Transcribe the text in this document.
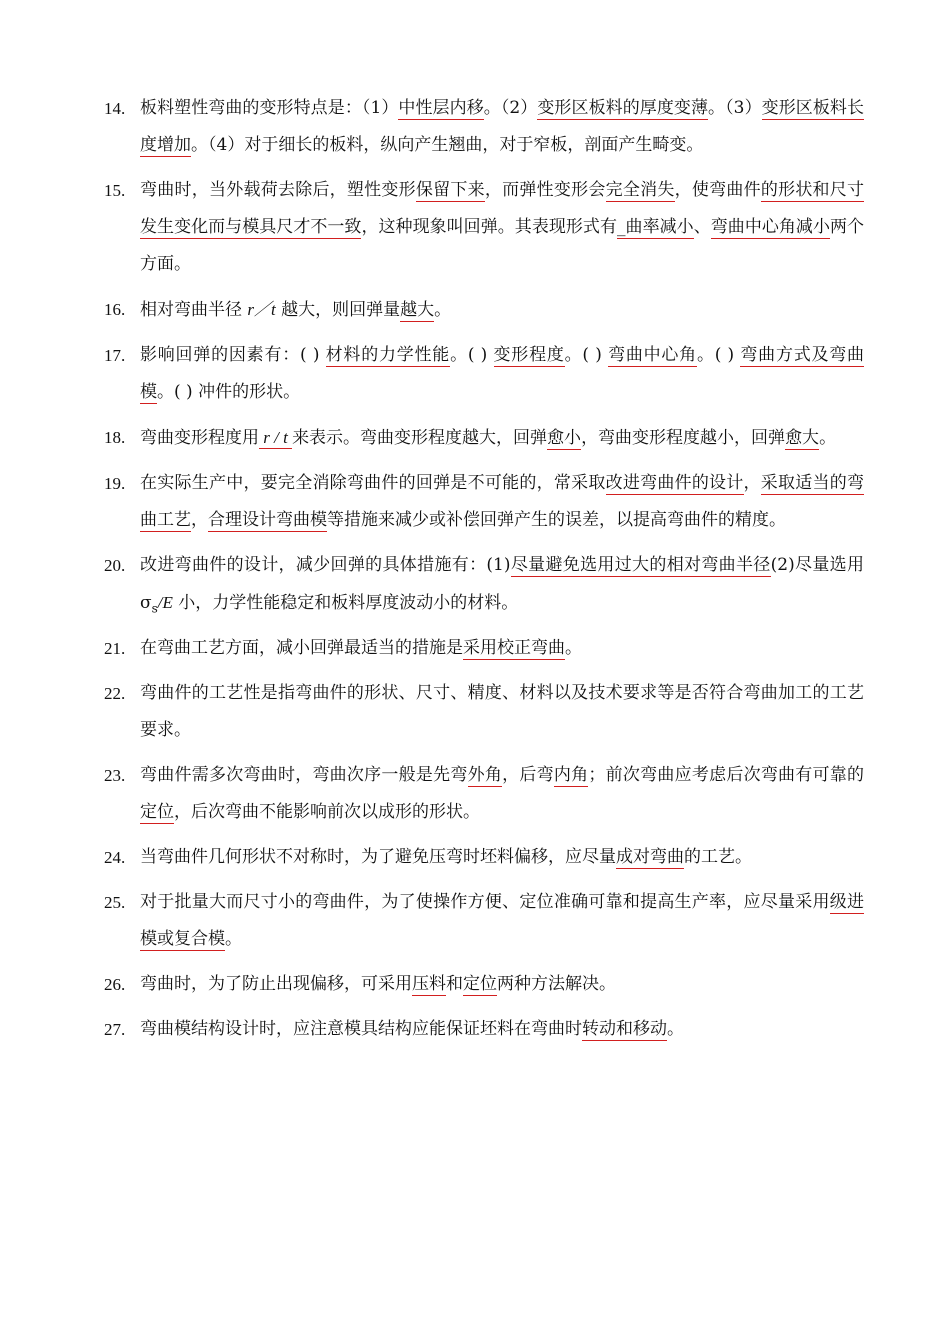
14. 板料塑性弯曲的变形特点是：（1）中性层内移。（2）变形区板料的厚度变薄。（3）变形区板料长度增加。（4）对于细长的板料，纵向产生翘曲，对于窄板，剖面产生畸变。
15. 弯曲时，当外载荷去除后，塑性变形保留下来，而弹性变形会完全消失，使弯曲件的形状和尺寸发生变化而与模具尺才不一致，这种现象叫回弹。其表现形式有_曲率减小、弯曲中心角减小两个方面。
16. 相对弯曲半径 r／t 越大，则回弹量越大。
17. 影响回弹的因素有：( ) 材料的力学性能。( ) 变形程度。( ) 弯曲中心角。( ) 弯曲方式及弯曲模。( ) 冲件的形状。
18. 弯曲变形程度用 r / t 来表示。弯曲变形程度越大，回弹愈小，弯曲变形程度越小，回弹愈大。
19. 在实际生产中，要完全消除弯曲件的回弹是不可能的，常采取改进弯曲件的设计，采取适当的弯曲工艺，合理设计弯曲模等措施来减少或补偿回弹产生的误差，以提高弯曲件的精度。
20. 改进弯曲件的设计，减少回弹的具体措施有：(1)尽量避免选用过大的相对弯曲半径(2)尽量选用$\sigma_s/E$ 小，力学性能稳定和板料厚度波动小的材料。
21. 在弯曲工艺方面，减小回弹最适当的措施是采用校正弯曲。
22. 弯曲件的工艺性是指弯曲件的形状、尺寸、精度、材料以及技术要求等是否符合弯曲加工的工艺要求。
23. 弯曲件需多次弯曲时，弯曲次序一般是先弯外角，后弯内角；前次弯曲应考虑后次弯曲有可靠的定位，后次弯曲不能影响前次以成形的形状。
24. 当弯曲件几何形状不对称时，为了避免压弯时坯料偏移，应尽量成对弯曲的工艺。
25. 对于批量大而尺寸小的弯曲件，为了使操作方便、定位准确可靠和提高生产率，应尽量采用级进模或复合模。
26. 弯曲时，为了防止出现偏移，可采用压料和定位两种方法解决。
27. 弯曲模结构设计时，应注意模具结构应能保证坯料在弯曲时转动和移动。
